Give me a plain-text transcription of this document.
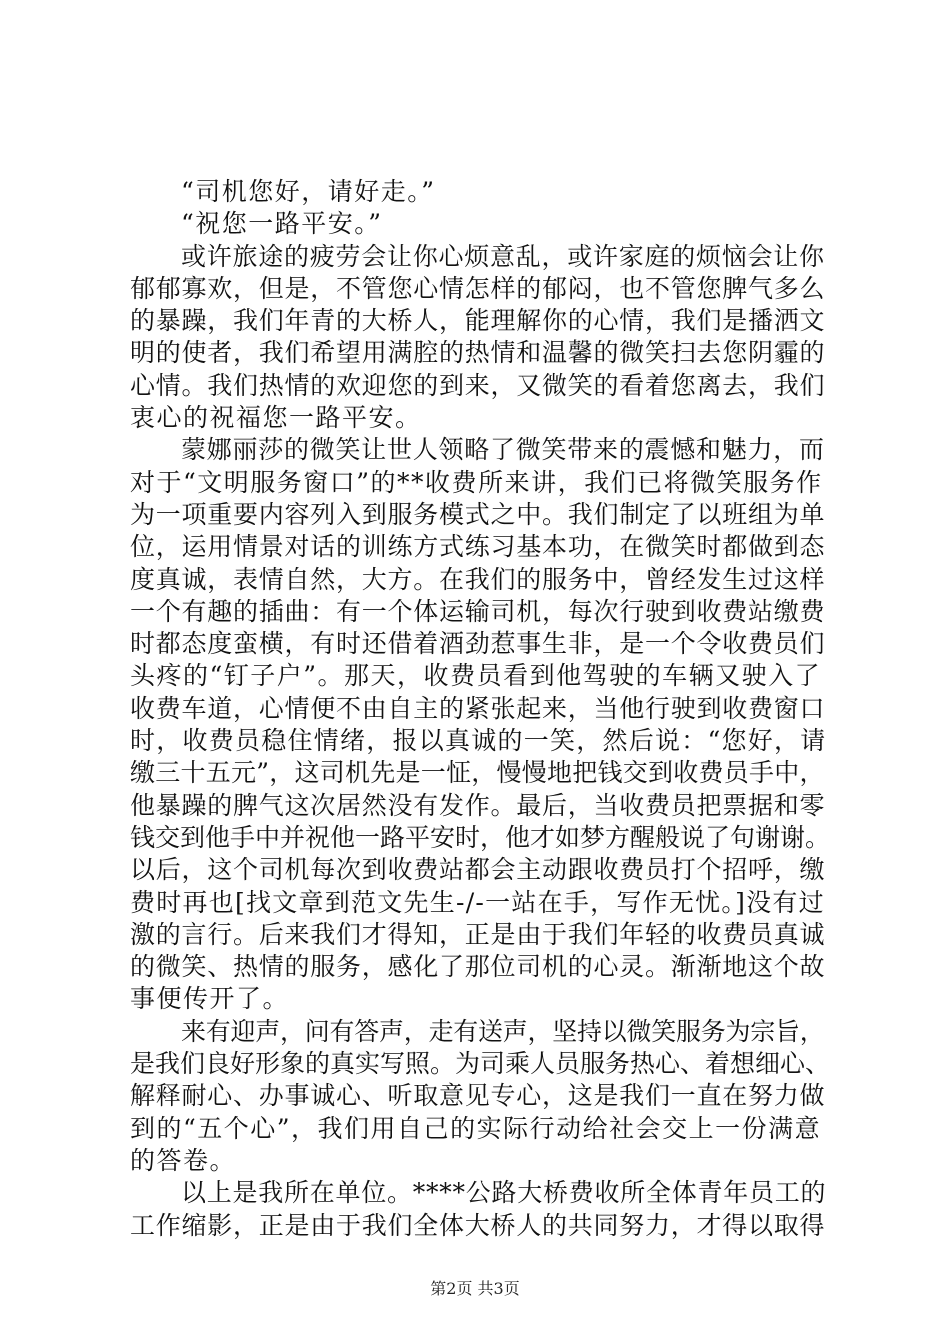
“司机您好，请好走。”

“祝您一路平安。”

或许旅途的疲劳会让你心烦意乱，或许家庭的烦恼会让你

郁郁寡欢，但是，不管您心情怎样的郁闷，也不管您脾气多么

的暴躁，我们年青的大桥人，能理解你的心情，我们是播洒文

明的使者，我们希望用满腔的热情和温馨的微笑扫去您阴霾的

心情。我们热情的欢迎您的到来，又微笑的看着您离去，我们

衷心的祝福您一路平安。

蒙娜丽莎的微笑让世人领略了微笑带来的震憾和魅力，而

对于“文明服务窗口”的**收费所来讲，我们已将微笑服务作

为一项重要内容列入到服务模式之中。我们制定了以班组为单

位，运用情景对话的训练方式练习基本功，在微笑时都做到态

度真诚，表情自然，大方。在我们的服务中，曾经发生过这样

一个有趣的插曲：有一个体运输司机，每次行驶到收费站缴费

时都态度蛮横，有时还借着酒劲惹事生非，是一个令收费员们

头疼的“钉子户”。那天，收费员看到他驾驶的车辆又驶入了

收费车道，心情便不由自主的紧张起来，当他行驶到收费窗口

时，收费员稳住情绪，报以真诚的一笑，然后说：“您好，请

缴三十五元”，这司机先是一怔，慢慢地把钱交到收费员手中，

他暴躁的脾气这次居然没有发作。最后，当收费员把票据和零

钱交到他手中并祝他一路平安时，他才如梦方醒般说了句谢谢。

以后，这个司机每次到收费站都会主动跟收费员打个招呼，缴

费时再也[找文章到范文先生-/-一站在手，写作无忧。]没有过

激的言行。后来我们才得知，正是由于我们年轻的收费员真诚

的微笑、热情的服务，感化了那位司机的心灵。渐渐地这个故

事便传开了。

来有迎声，问有答声，走有送声，坚持以微笑服务为宗旨，

是我们良好形象的真实写照。为司乘人员服务热心、着想细心、

解释耐心、办事诚心、听取意见专心，这是我们一直在努力做

到的“五个心”，我们用自己的实际行动给社会交上一份满意

的答卷。

以上是我所在单位。****公路大桥费收所全体青年员工的

工作缩影，正是由于我们全体大桥人的共同努力，才得以取得

第2页 共3页
